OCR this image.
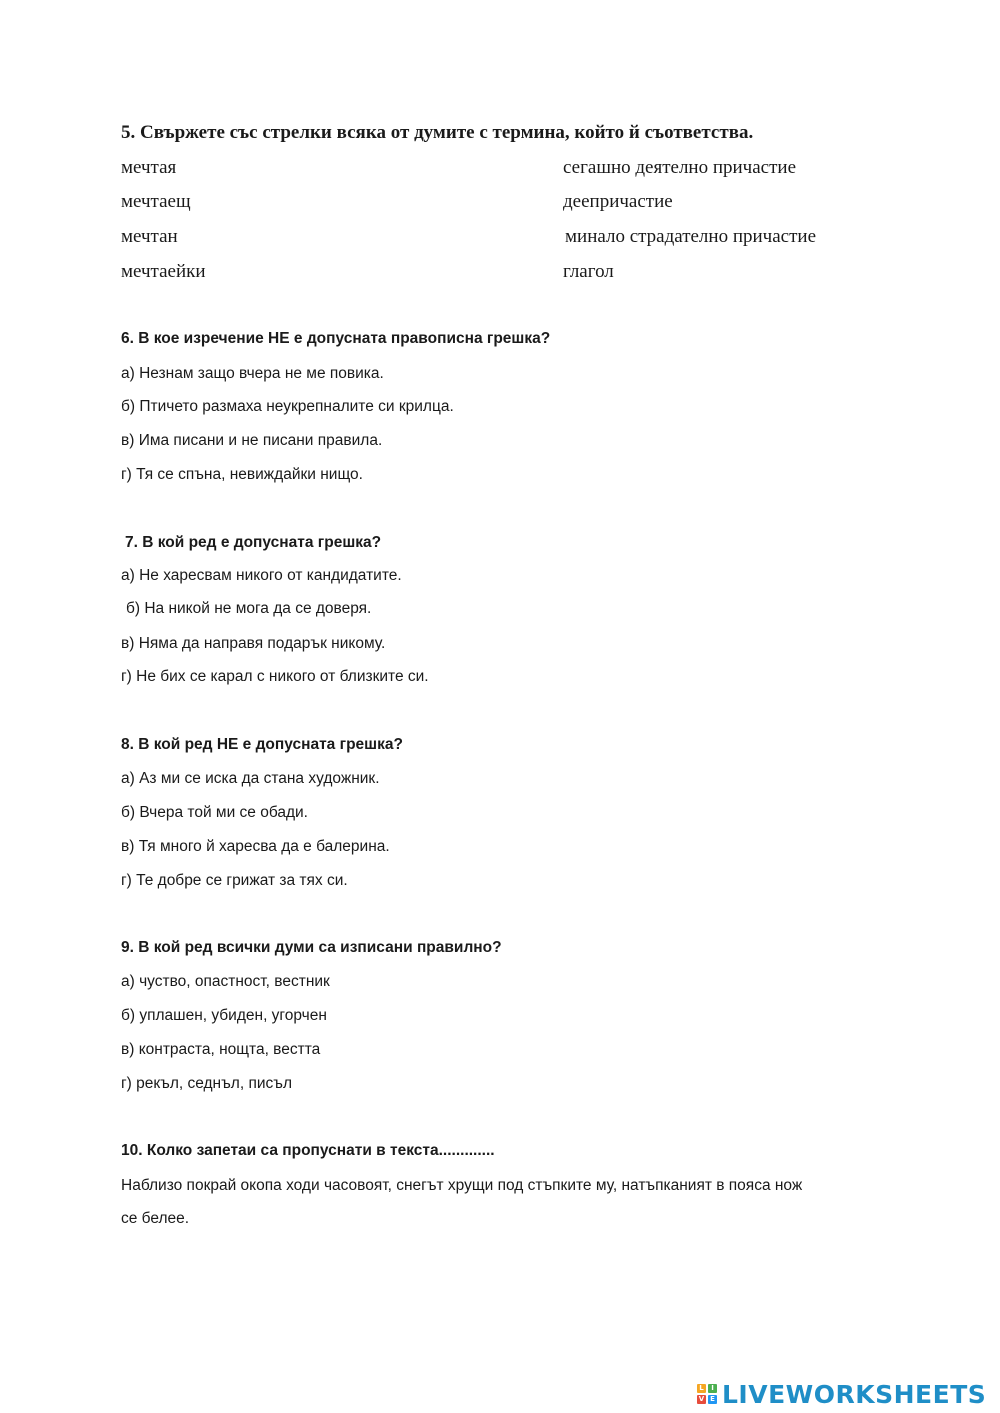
5. Свържете със стрелки всяка от думите с термина, който й съответства.
мечтая
мечтаещ
мечтан
мечтаейки
сегашно деятелно причастие
деепричастие
минало страдателно причастие
глагол
6. В кое изречение НЕ е допусната правописна грешка?
а) Незнам защо вчера не ме повика.
б) Птичето размаха неукрепналите си крилца.
в) Има писани и не писани правила.
г) Тя се спъна, невиждайки нищо.
7. В кой ред е допусната грешка?
а) Не харесвам никого от кандидатите.
б) На никой не мога да се доверя.
в) Няма да направя подарък никому.
г) Не бих се карал с никого от близките си.
8. В кой ред НЕ е допусната грешка?
а) Аз ми се иска да стана художник.
б) Вчера той ми се обади.
в) Тя много й харесва да е балерина.
г) Те добре се грижат за тях си.
9. В кой ред всички думи са изписани правилно?
а) чуство, опастност, вестник
б) уплашен, убиден, угорчен
в) контраста, нощта, вестта
г) рекъл, седнъл, писъл
10. Колко запетаи са пропуснати в текста.............
Наблизо покрай окопа ходи часовоят, снегът хрущи под стъпките му, натъпканият в пояса нож
се белее.
L	I
V E LIVEWORKSHEETS
